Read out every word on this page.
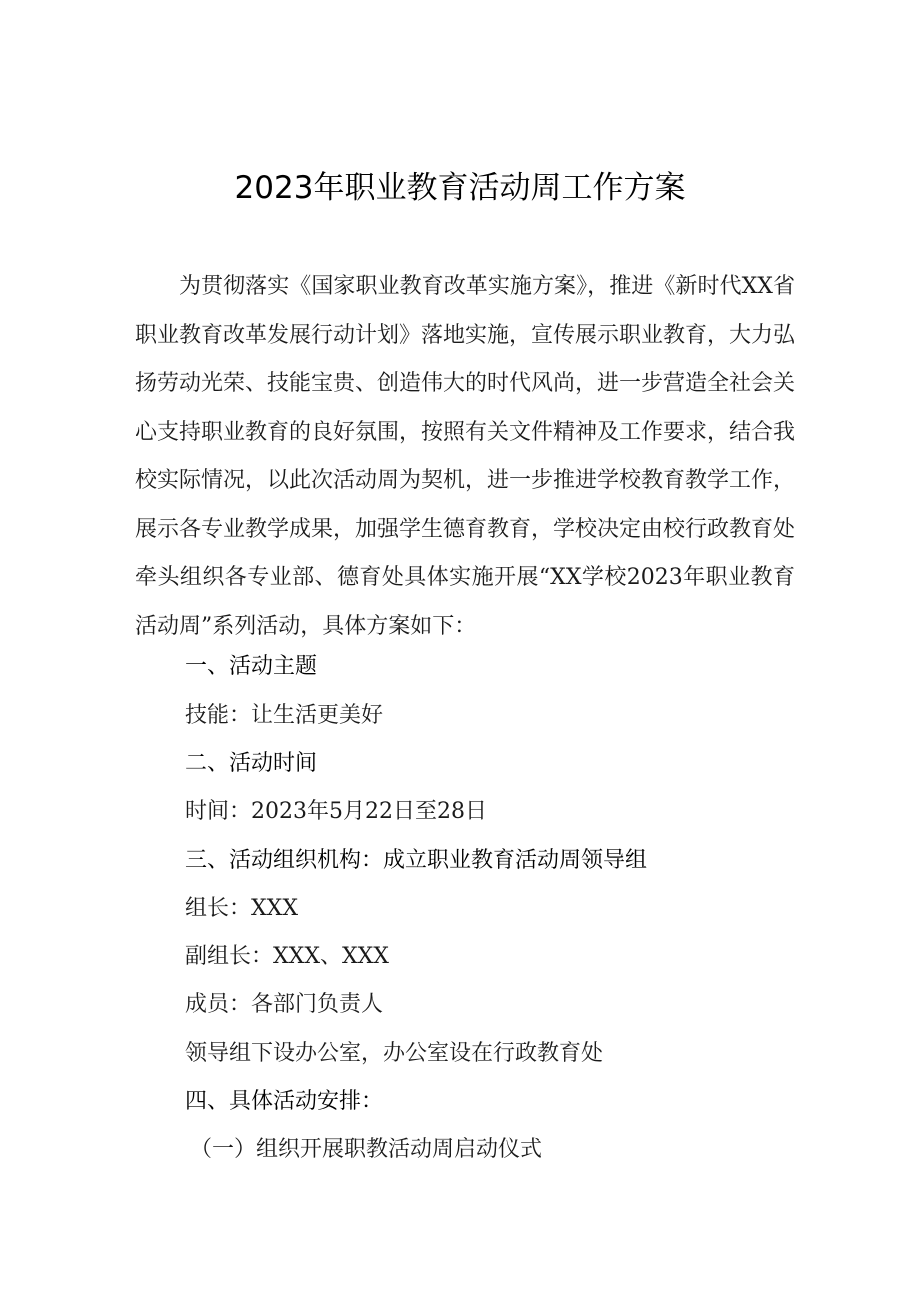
2023年职业教育活动周工作方案

为贯彻落实《国家职业教育改革实施方案》，推进《新时代XX省职业教育改革发展行动计划》落地实施，宣传展示职业教育，大力弘扬劳动光荣、技能宝贵、创造伟大的时代风尚，进一步营造全社会关心支持职业教育的良好氛围，按照有关文件精神及工作要求，结合我校实际情况，以此次活动周为契机，进一步推进学校教育教学工作，展示各专业教学成果，加强学生德育教育，学校决定由校行政教育处牵头组织各专业部、德育处具体实施开展“XX学校2023年职业教育活动周”系列活动，具体方案如下：

一、活动主题
技能：让生活更美好
二、活动时间
时间：2023年5月22日至28日
三、活动组织机构：成立职业教育活动周领导组
组长：XXX
副组长：XXX、XXX
成员：各部门负责人
领导组下设办公室，办公室设在行政教育处
四、具体活动安排：
（一）组织开展职教活动周启动仪式
